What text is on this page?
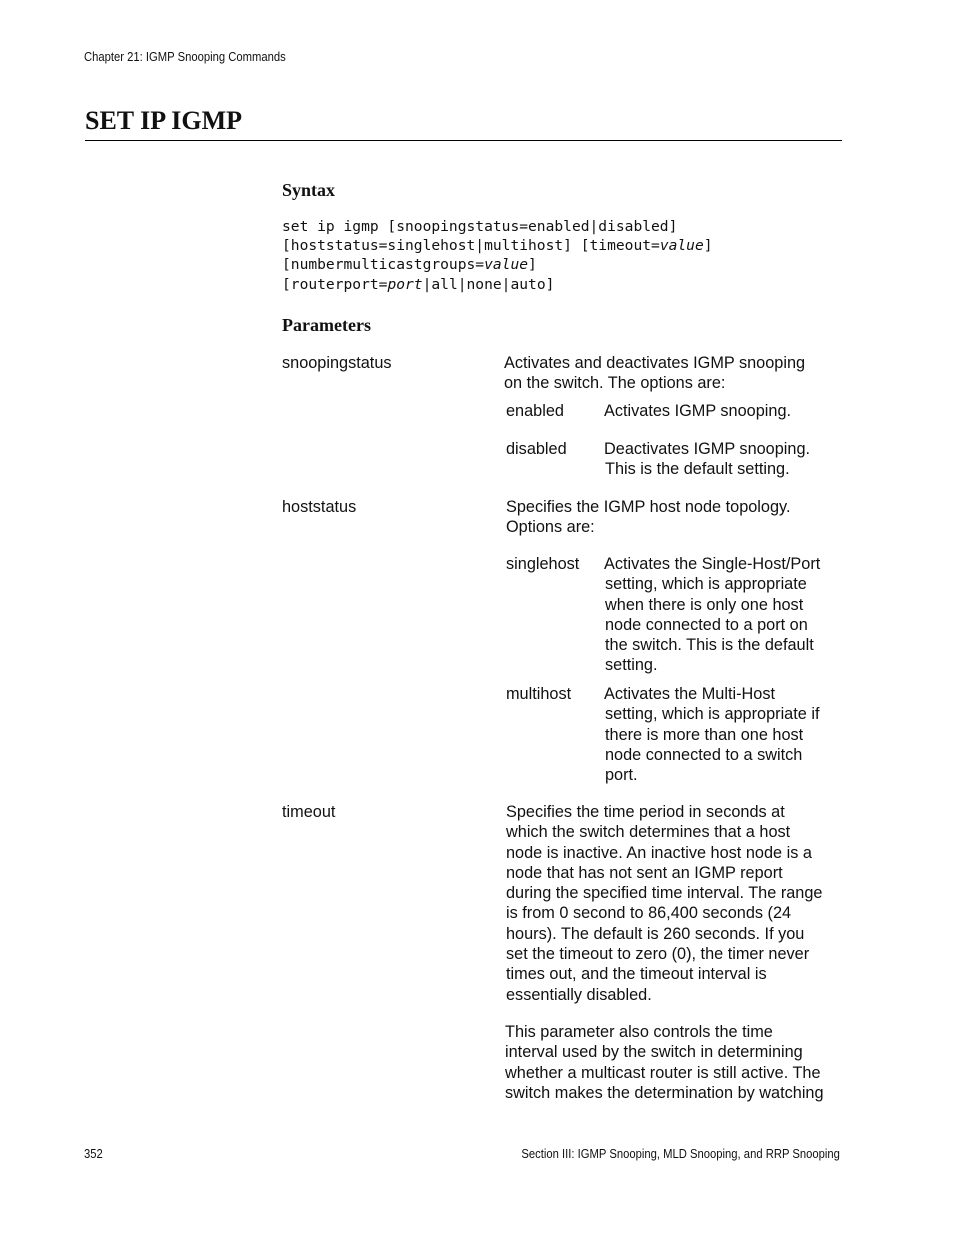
Chapter 21: IGMP Snooping Commands
SET IP IGMP
Syntax
set ip igmp [snoopingstatus=enabled|disabled]
[hoststatus=singlehost|multihost] [timeout=value]
[numbermulticastgroups=value]
[routerport=port|all|none|auto]
Parameters
snoopingstatus	Activates and deactivates IGMP snooping
on the switch. The options are:
enabled Activates IGMP snooping.
disabled Deactivates IGMP snooping.
This is the default setting.
hoststatus	Specifies the IGMP host node topology.
Options are:
singlehost Activates the Single-Host/Port
setting, which is appropriate
when there is only one host
node connected to a port on
the switch. This is the default
setting.
multihost Activates the Multi-Host
setting, which is appropriate if
there is more than one host
node connected to a switch
port.
timeout	Specifies the time period in seconds at
which the switch determines that a host
node is inactive. An inactive host node is a
node that has not sent an IGMP report
during the specified time interval. The range
is from 0 second to 86,400 seconds (24
hours). The default is 260 seconds. If you
set the timeout to zero (0), the timer never
times out, and the timeout interval is
essentially disabled.
This parameter also controls the time
interval used by the switch in determining
whether a multicast router is still active. The
switch makes the determination by watching
352	Section III: IGMP Snooping, MLD Snooping, and RRP Snooping
